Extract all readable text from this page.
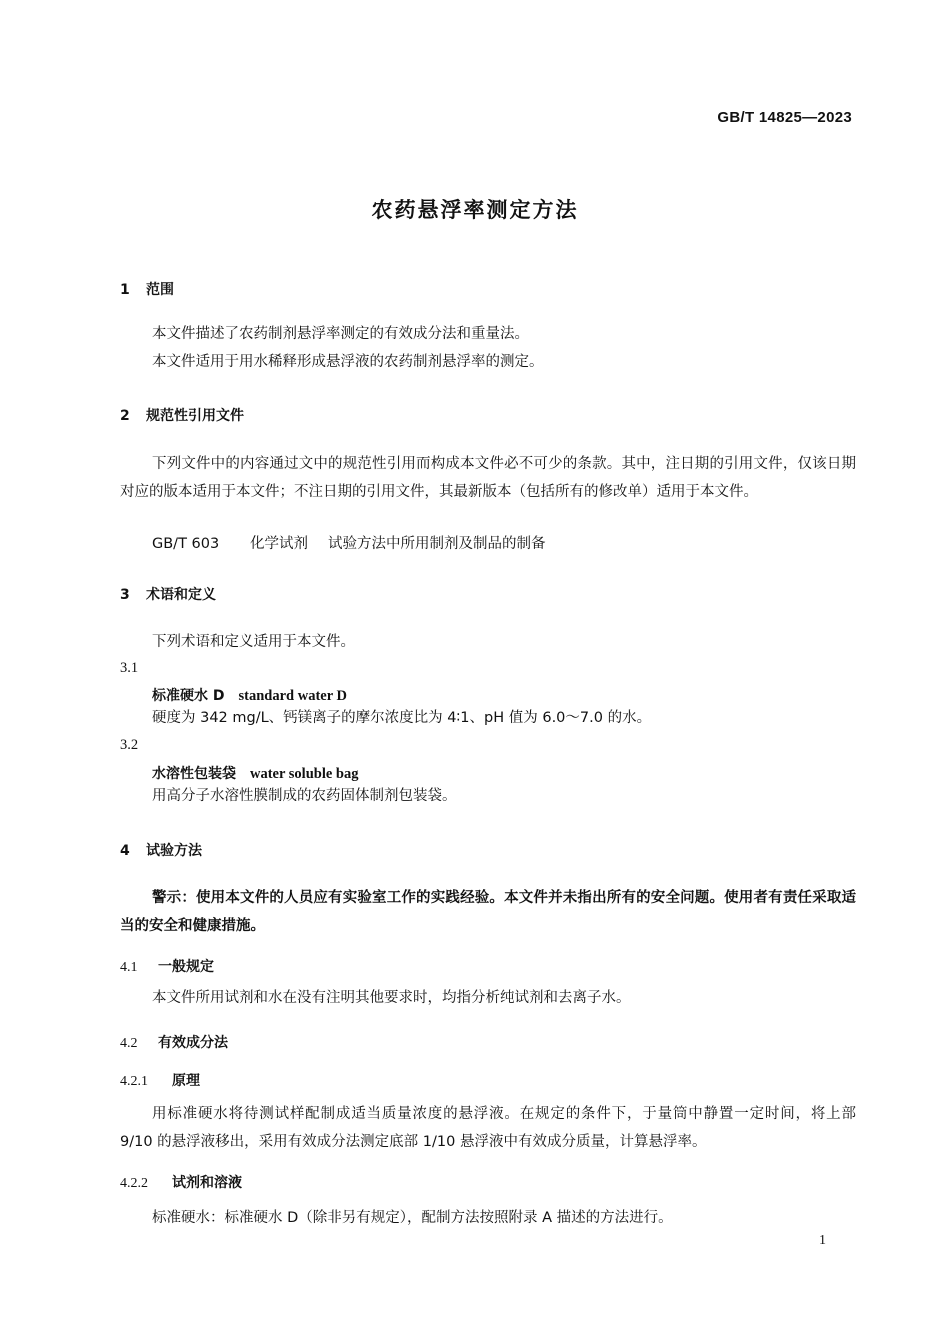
GB/T 14825—2023
农药悬浮率测定方法
1 范围
本文件描述了农药制剂悬浮率测定的有效成分法和重量法。
本文件适用于用水稀释形成悬浮液的农药制剂悬浮率的测定。
2 规范性引用文件
下列文件中的内容通过文中的规范性引用而构成本文件必不可少的条款。其中，注日期的引用文件，仅该日期对应的版本适用于本文件；不注日期的引用文件，其最新版本（包括所有的修改单）适用于本文件。
GB/T 603 化学试剂 试验方法中所用制剂及制品的制备
3 术语和定义
下列术语和定义适用于本文件。
3.1
标准硬水 D standard water D
硬度为 342 mg/L、钙镁离子的摩尔浓度比为 4∶1、pH 值为 6.0～7.0 的水。
3.2
水溶性包装袋 water soluble bag
用高分子水溶性膜制成的农药固体制剂包装袋。
4 试验方法
警示：使用本文件的人员应有实验室工作的实践经验。本文件并未指出所有的安全问题。使用者有责任采取适当的安全和健康措施。
4.1 一般规定
本文件所用试剂和水在没有注明其他要求时，均指分析纯试剂和去离子水。
4.2 有效成分法
4.2.1 原理
用标准硬水将待测试样配制成适当质量浓度的悬浮液。在规定的条件下，于量筒中静置一定时间，将上部 9/10 的悬浮液移出，采用有效成分法测定底部 1/10 悬浮液中有效成分质量，计算悬浮率。
4.2.2 试剂和溶液
标准硬水：标准硬水 D（除非另有规定），配制方法按照附录 A 描述的方法进行。
1
